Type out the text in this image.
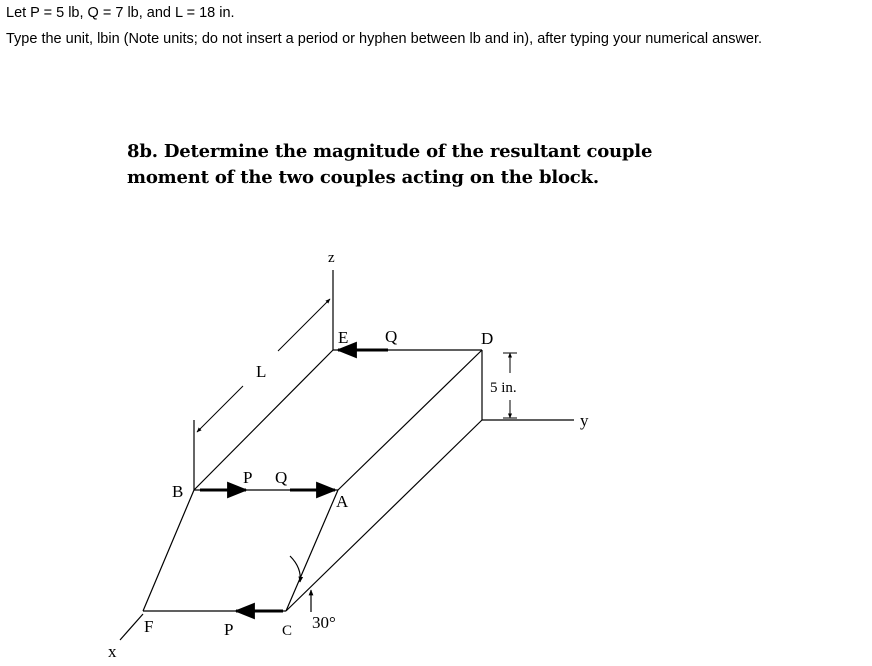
Let P = 5 lb, Q = 7 lb, and L = 18 in.
Type the unit, lbin (Note units; do not insert a period or hyphen between lb and in), after typing your numerical answer.
8b. Determine the magnitude of the resultant couple
moment of the two couples acting on the block.
z
E Q	D
5 in.
y
L
B
P Q
A
F	P	C 30°
x
